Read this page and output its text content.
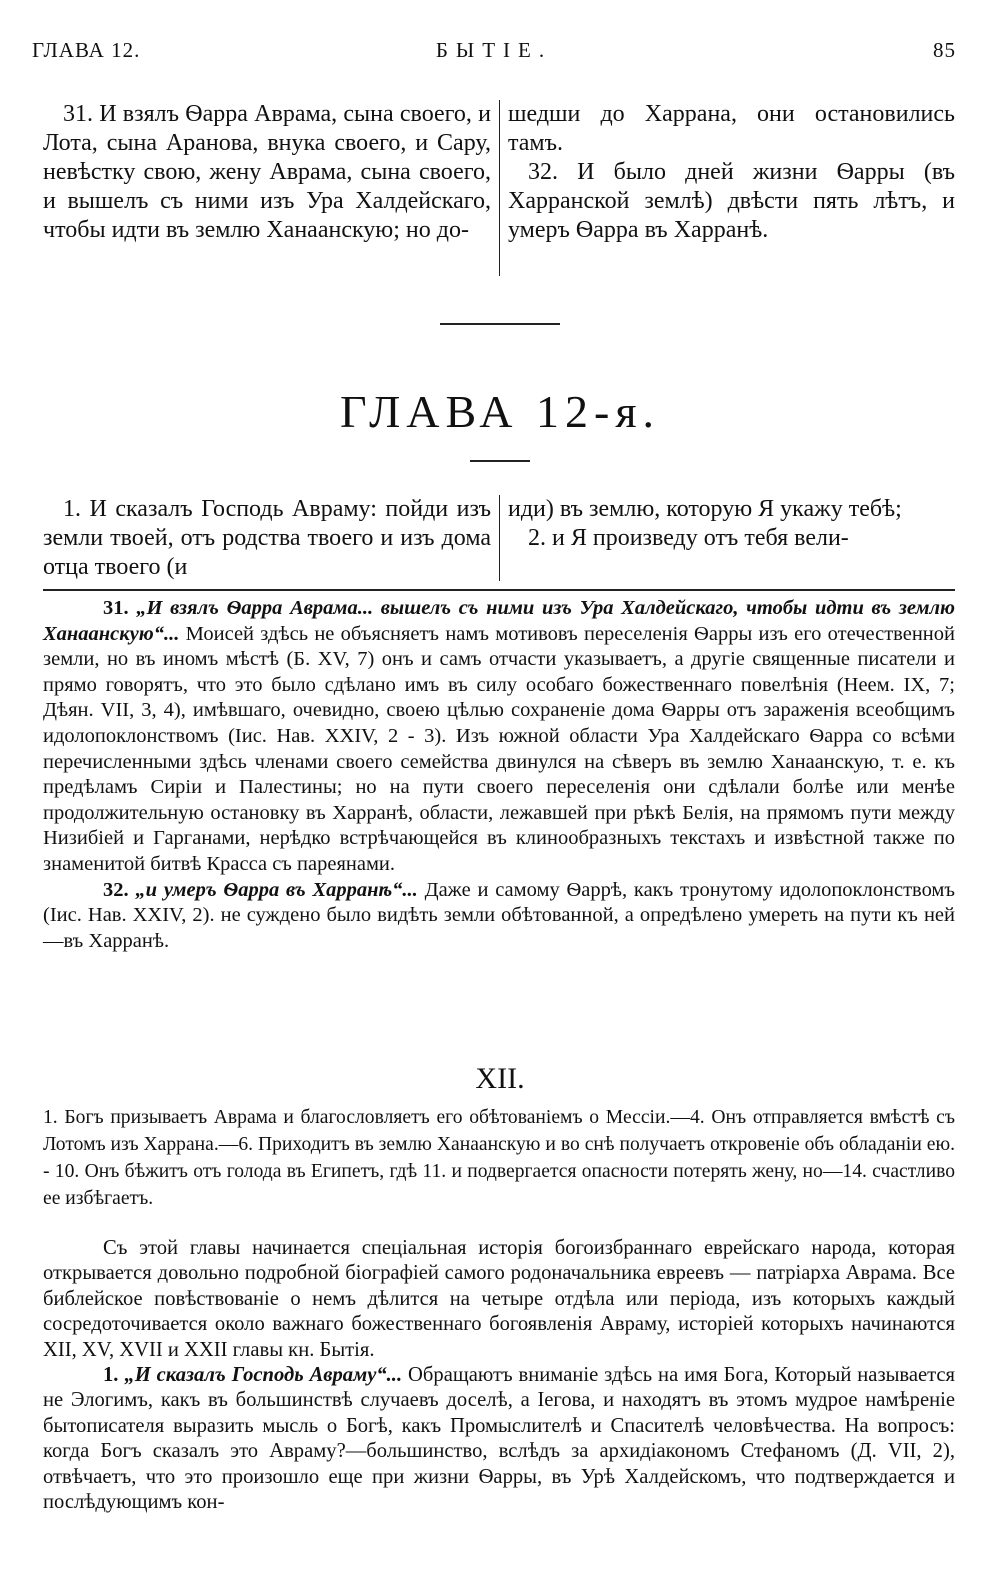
ГЛАВА 12.	БЫТІЕ.	85

31. И взялъ Ѳарра Аврама, сына своего, и Лота, сына Аранова, внука своего, и Сару, невѣстку свою, жену Аврама, сына своего, и вышелъ съ ними изъ Ура Халдейскаго, чтобы идти въ землю Ханаанскую; но до-

шедши до Харрана, они остановились тамъ.

32. И было дней жизни Ѳарры (въ Харранской землѣ) двѣсти пять лѣтъ, и умеръ Ѳарра въ Харранѣ.

ГЛАВА 12-я.

1. И сказалъ Господь Авраму: пойди изъ земли твоей, отъ родства твоего и изъ дома отца твоего (и

иди) въ землю, которую Я укажу тебѣ;

2. и Я произведу отъ тебя вели-

31. „И взялъ Ѳарра Аврама... вышелъ съ ними изъ Ура Халдейскаго, чтобы идти въ землю Ханаанскую“... Моисей здѣсь не объясняетъ намъ мотивовъ переселенія Ѳарры изъ его отечественной земли, но въ иномъ мѣстѣ (Б. XV, 7) онъ и самъ отчасти указываетъ, а другіе священные писатели и прямо говорятъ, что это было сдѣлано имъ въ силу особаго божественнаго повелѣнія (Неем. IX, 7; Дѣян. VII, 3, 4), имѣвшаго, очевидно, своею цѣлью сохраненіе дома Ѳарры отъ зараженія всеобщимъ идолопоклонствомъ (Іис. Нав. XXIV, 2 - 3). Изъ южной области Ура Халдейскаго Ѳарра со всѣми перечисленными здѣсь членами своего семейства двинулся на сѣверъ въ землю Ханаанскую, т. е. къ предѣламъ Сиріи и Палестины; но на пути своего переселенія они сдѣлали болѣе или менѣе продолжительную остановку въ Харранѣ, области, лежавшей при рѣкѣ Белія, на прямомъ пути между Низибіей и Гарганами, нерѣдко встрѣчающейся въ клинообразныхъ текстахъ и извѣстной также по знаменитой битвѣ Красса съ пареянами.

32. „и умеръ Ѳарра въ Харранѣ“... Даже и самому Ѳаррѣ, какъ тронутому идолопоклонствомъ (Іис. Нав. XXIV, 2). не суждено было видѣть земли обѣтованной, а опредѣлено умереть на пути къ ней—въ Харранѣ.

XII.

1. Богъ призываетъ Аврама и благословляетъ его обѣтованіемъ о Мессіи.—4. Онъ отправляется вмѣстѣ съ Лотомъ изъ Харрана.—6. Приходитъ въ землю Ханаанскую и во снѣ получаетъ откровеніе объ обладаніи ею. - 10. Онъ бѣжитъ отъ голода въ Египетъ, гдѣ 11. и подвергается опасности потерять жену, но—14. счастливо ее избѣгаетъ.

Съ этой главы начинается спеціальная исторія богоизбраннаго еврейскаго народа, которая открывается довольно подробной біографіей самого родоначальника евреевъ — патріарха Аврама. Все библейское повѣствованіе о немъ дѣлится на четыре отдѣла или періода, изъ которыхъ каждый сосредоточивается около важнаго божественнаго богоявленія Авраму, исторіей которыхъ начинаются XII, XV, XVII и XXII главы кн. Бытія.

1. „И сказалъ Господь Авраму“... Обращаютъ вниманіе здѣсь на имя Бога, Который называется не Элогимъ, какъ въ большинствѣ случаевъ доселѣ, а Іегова, и находятъ въ этомъ мудрое намѣреніе бытописателя выразить мысль о Богѣ, какъ Промыслителѣ и Спасителѣ человѣчества. На вопросъ: когда Богъ сказалъ это Авраму?—большинство, вслѣдъ за архидіакономъ Стефаномъ (Д. VII, 2), отвѣчаетъ, что это произошло еще при жизни Ѳарры, въ Урѣ Халдейскомъ, что подтверждается и послѣдующимъ кон-
